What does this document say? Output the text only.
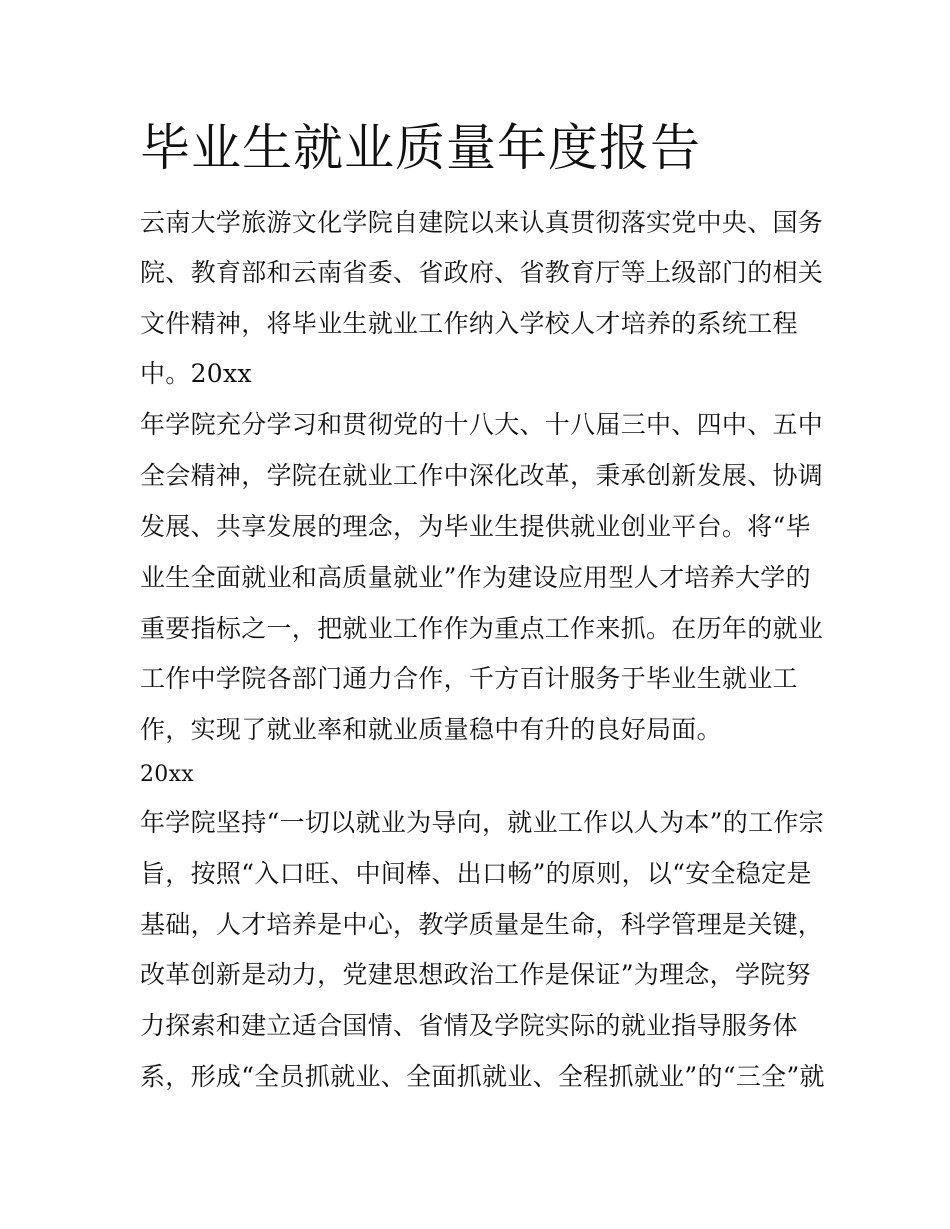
毕业生就业质量年度报告

云南大学旅游文化学院自建院以来认真贯彻落实党中央、国务

院、教育部和云南省委、省政府、省教育厅等上级部门的相关

文件精神，将毕业生就业工作纳入学校人才培养的系统工程

中。20xx

年学院充分学习和贯彻党的十八大、十八届三中、四中、五中

全会精神，学院在就业工作中深化改革，秉承创新发展、协调

发展、共享发展的理念，为毕业生提供就业创业平台。将“毕

业生全面就业和高质量就业”作为建设应用型人才培养大学的

重要指标之一，把就业工作作为重点工作来抓。在历年的就业

工作中学院各部门通力合作，千方百计服务于毕业生就业工

作，实现了就业率和就业质量稳中有升的良好局面。

20xx

年学院坚持“一切以就业为导向，就业工作以人为本”的工作宗

旨，按照“入口旺、中间棒、出口畅”的原则，以“安全稳定是

基础，人才培养是中心，教学质量是生命，科学管理是关键，

改革创新是动力，党建思想政治工作是保证”为理念，学院努

力探索和建立适合国情、省情及学院实际的就业指导服务体

系，形成“全员抓就业、全面抓就业、全程抓就业”的“三全”就
